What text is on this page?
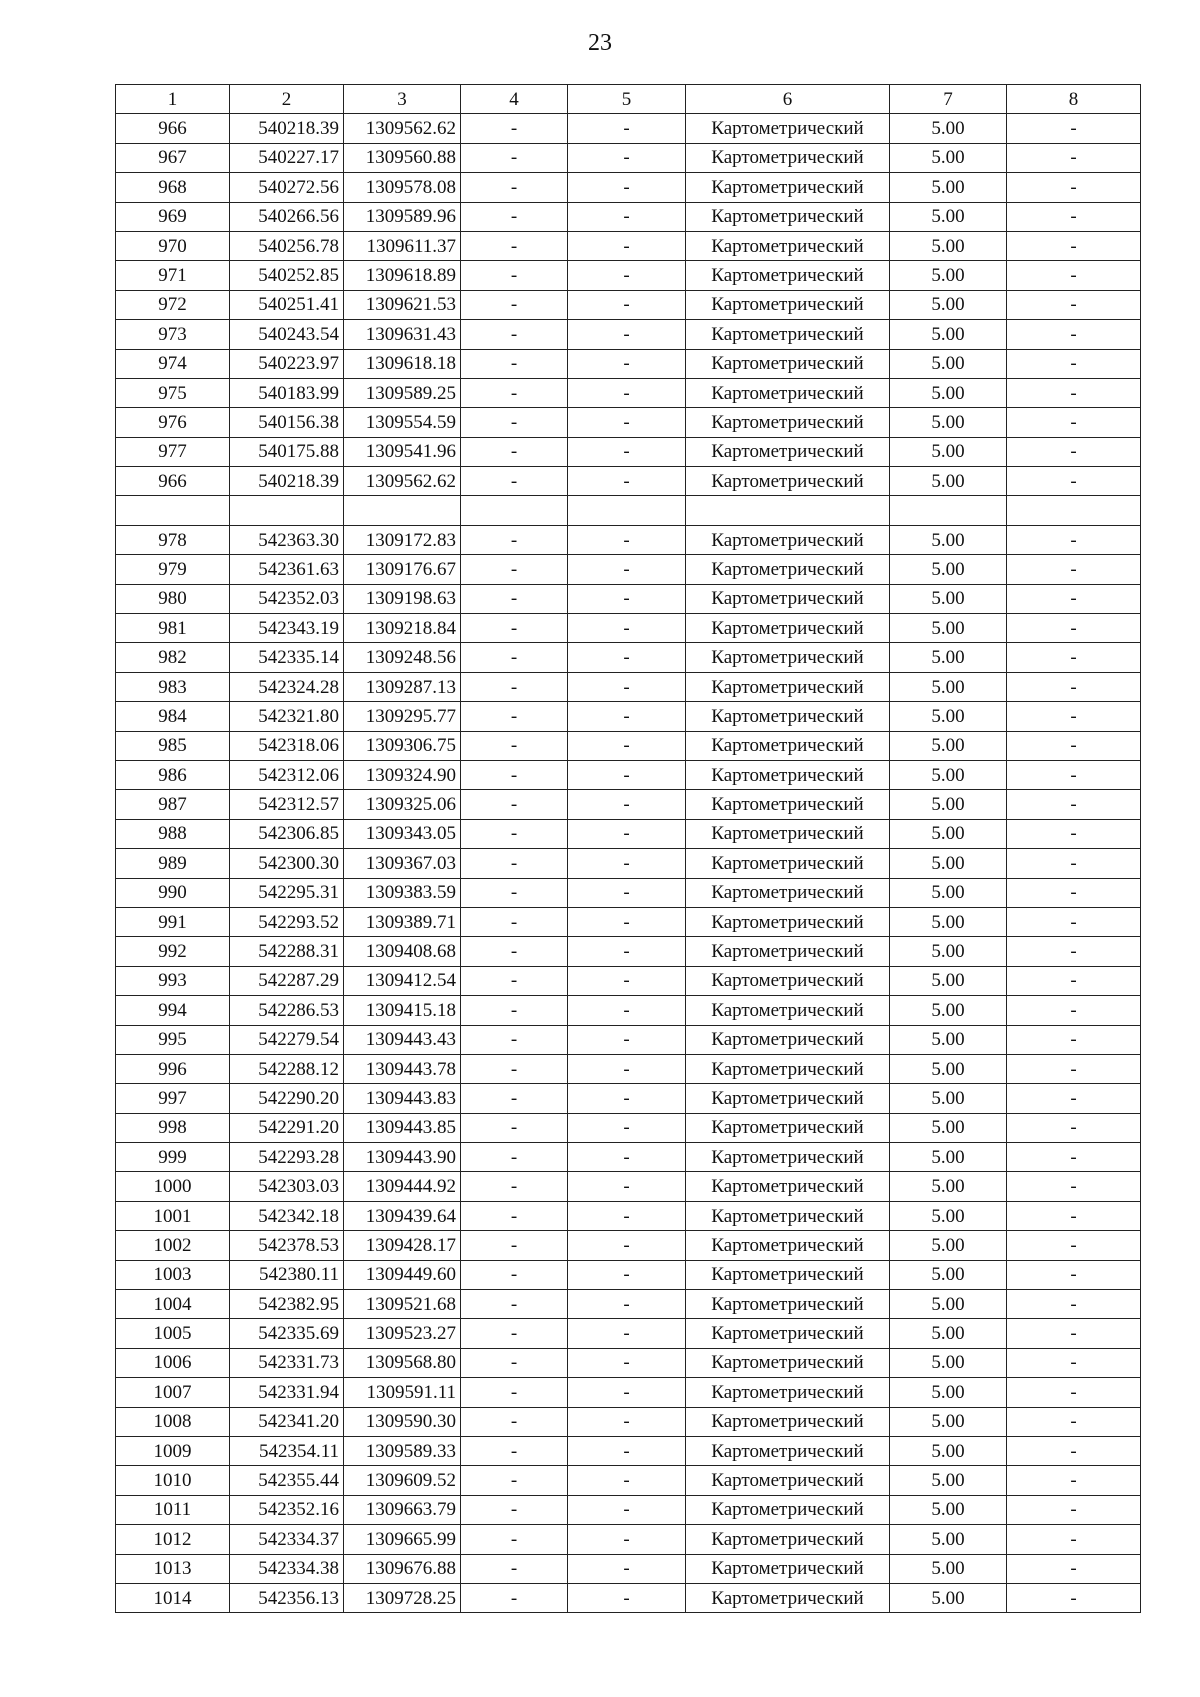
23
1	2	3	4	5	6	7	8
966	540218.39	1309562.62	-	-	Картометрический	5.00	-
967	540227.17	1309560.88	-	-	Картометрический	5.00	-
968	540272.56	1309578.08	-	-	Картометрический	5.00	-
969	540266.56	1309589.96	-	-	Картометрический	5.00	-
970	540256.78	1309611.37	-	-	Картометрический	5.00	-
971	540252.85	1309618.89	-	-	Картометрический	5.00	-
972	540251.41	1309621.53	-	-	Картометрический	5.00	-
973	540243.54	1309631.43	-	-	Картометрический	5.00	-
974	540223.97	1309618.18	-	-	Картометрический	5.00	-
975	540183.99	1309589.25	-	-	Картометрический	5.00	-
976	540156.38	1309554.59	-	-	Картометрический	5.00	-
977	540175.88	1309541.96	-	-	Картометрический	5.00	-
966	540218.39	1309562.62	-	-	Картометрический	5.00	-

978	542363.30	1309172.83	-	-	Картометрический	5.00	-
979	542361.63	1309176.67	-	-	Картометрический	5.00	-
980	542352.03	1309198.63	-	-	Картометрический	5.00	-
981	542343.19	1309218.84	-	-	Картометрический	5.00	-
982	542335.14	1309248.56	-	-	Картометрический	5.00	-
983	542324.28	1309287.13	-	-	Картометрический	5.00	-
984	542321.80	1309295.77	-	-	Картометрический	5.00	-
985	542318.06	1309306.75	-	-	Картометрический	5.00	-
986	542312.06	1309324.90	-	-	Картометрический	5.00	-
987	542312.57	1309325.06	-	-	Картометрический	5.00	-
988	542306.85	1309343.05	-	-	Картометрический	5.00	-
989	542300.30	1309367.03	-	-	Картометрический	5.00	-
990	542295.31	1309383.59	-	-	Картометрический	5.00	-
991	542293.52	1309389.71	-	-	Картометрический	5.00	-
992	542288.31	1309408.68	-	-	Картометрический	5.00	-
993	542287.29	1309412.54	-	-	Картометрический	5.00	-
994	542286.53	1309415.18	-	-	Картометрический	5.00	-
995	542279.54	1309443.43	-	-	Картометрический	5.00	-
996	542288.12	1309443.78	-	-	Картометрический	5.00	-
997	542290.20	1309443.83	-	-	Картометрический	5.00	-
998	542291.20	1309443.85	-	-	Картометрический	5.00	-
999	542293.28	1309443.90	-	-	Картометрический	5.00	-
1000	542303.03	1309444.92	-	-	Картометрический	5.00	-
1001	542342.18	1309439.64	-	-	Картометрический	5.00	-
1002	542378.53	1309428.17	-	-	Картометрический	5.00	-
1003	542380.11	1309449.60	-	-	Картометрический	5.00	-
1004	542382.95	1309521.68	-	-	Картометрический	5.00	-
1005	542335.69	1309523.27	-	-	Картометрический	5.00	-
1006	542331.73	1309568.80	-	-	Картометрический	5.00	-
1007	542331.94	1309591.11	-	-	Картометрический	5.00	-
1008	542341.20	1309590.30	-	-	Картометрический	5.00	-
1009	542354.11	1309589.33	-	-	Картометрический	5.00	-
1010	542355.44	1309609.52	-	-	Картометрический	5.00	-
1011	542352.16	1309663.79	-	-	Картометрический	5.00	-
1012	542334.37	1309665.99	-	-	Картометрический	5.00	-
1013	542334.38	1309676.88	-	-	Картометрический	5.00	-
1014	542356.13	1309728.25	-	-	Картометрический	5.00	-
